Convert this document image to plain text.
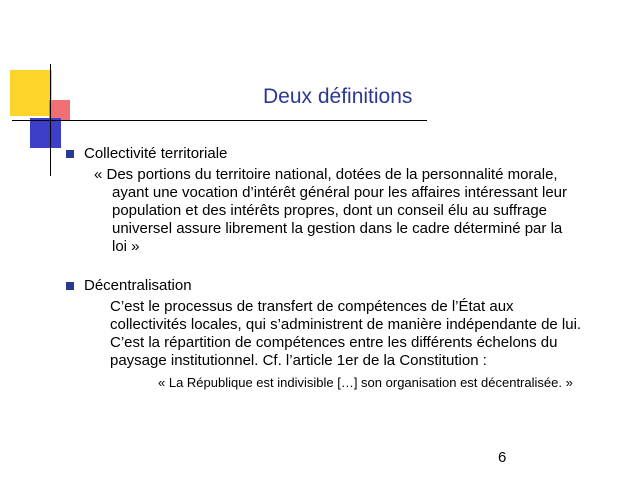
Deux définitions

Collectivité territoriale

« Des portions du territoire national, dotées de la personnalité morale,
ayant une vocation d’intérêt général pour les affaires intéressant leur
population et des intérêts propres, dont un conseil élu au suffrage
universel assure librement la gestion dans le cadre déterminé par la
loi »

Décentralisation

C’est le processus de transfert de compétences de l’État aux
collectivités locales, qui s’administrent de manière indépendante de lui.
C’est la répartition de compétences entre les différents échelons du
paysage institutionnel. Cf. l’article 1er de la Constitution :

« La République est indivisible […] son organisation est décentralisée. »

6
